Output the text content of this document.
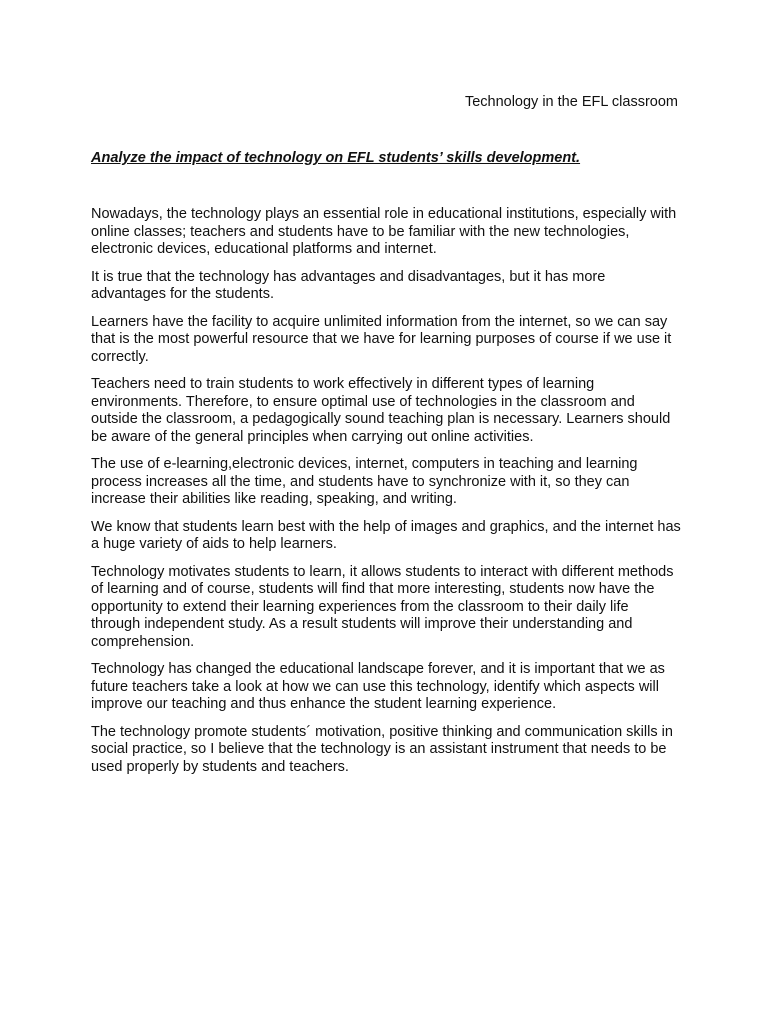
Technology in the EFL classroom

Analyze the impact of technology on EFL students’ skills development.

Nowadays, the technology plays an essential role in educational institutions, especially with online classes; teachers and students have to be familiar with the new technologies, electronic devices, educational platforms and internet.

It is true that the technology has advantages and disadvantages, but it has more advantages for the students.

Learners have the facility to acquire unlimited information from the internet, so we can say that is the most powerful resource that we have for learning purposes of course if we use it correctly.

Teachers need to train students to work effectively in different types of learning environments. Therefore, to ensure optimal use of technologies in the classroom and outside the classroom, a pedagogically sound teaching plan is necessary. Learners should be aware of the general principles when carrying out online activities.

The use of e-learning,electronic devices, internet, computers in teaching and learning process increases all the time, and students have to synchronize with it, so they can increase their abilities like reading, speaking, and writing.

We know that students learn best with the help of images and graphics, and the internet has a huge variety of aids to help learners.

Technology motivates students to learn, it allows students to interact with different methods of learning and of course, students will find that more interesting, students now have the opportunity to extend their learning experiences from the classroom to their daily life through independent study. As a result students will improve their understanding and comprehension.

Technology has changed the educational landscape forever, and it is important that we as future teachers take a look at how we can use this technology, identify which aspects will improve our teaching and thus enhance the student learning experience.

The technology promote students´ motivation, positive thinking and communication skills in social practice, so I believe that the technology is an assistant instrument that needs to be used properly by students and teachers.
